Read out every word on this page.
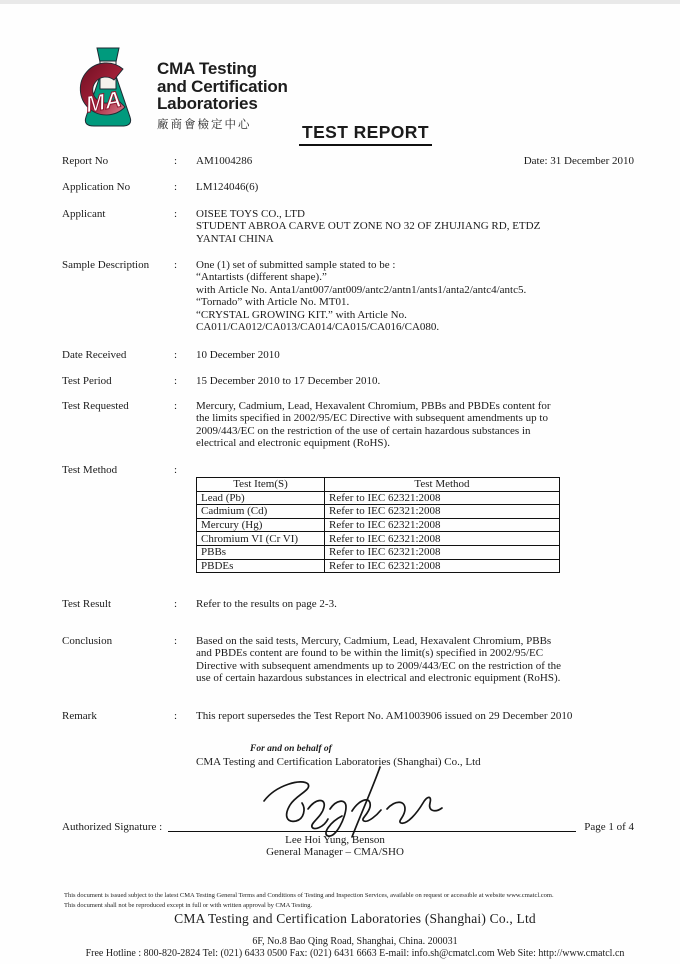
MA
CMA Testing
and Certification
Laboratories
廠商會檢定中心	TEST REPORT
Report No	:	AM1004286	Date: 31 December 2010
Application No	:	LM124046(6)
Applicant	:	OISEE TOYS CO., LTD
STUDENT ABROA CARVE OUT ZONE NO 32 OF ZHUJIANG RD, ETDZ
YANTAI CHINA
Sample Description	:	One (1) set of submitted sample stated to be :
“Antartists (different shape).”
with Article No. Anta1/ant007/ant009/antc2/antn1/ants1/anta2/antc4/antc5.
“Tornado” with Article No. MT01.
“CRYSTAL GROWING KIT.” with Article No.
CA011/CA012/CA013/CA014/CA015/CA016/CA080.
Date Received	:	10 December 2010
Test Period	:	15 December 2010 to 17 December 2010.
Test Requested	:	Mercury, Cadmium, Lead, Hexavalent Chromium, PBBs and PBDEs content for
the limits specified in 2002/95/EC Directive with subsequent amendments up to
2009/443/EC on the restriction of the use of certain hazardous substances in
electrical and electronic equipment (RoHS).
Test Method	:
Test Item(S)	Test Method
Lead (Pb)	Refer to IEC 62321:2008
Cadmium (Cd)	Refer to IEC 62321:2008
Mercury (Hg)	Refer to IEC 62321:2008
Chromium VI (Cr VI)	Refer to IEC 62321:2008
PBBs	Refer to IEC 62321:2008
PBDEs	Refer to IEC 62321:2008
Test Result	:	Refer to the results on page 2-3.
Conclusion	:	Based on the said tests, Mercury, Cadmium, Lead, Hexavalent Chromium, PBBs
and PBDEs content are found to be within the limit(s) specified in 2002/95/EC
Directive with subsequent amendments up to 2009/443/EC on the restriction of the
use of certain hazardous substances in electrical and electronic equipment (RoHS).
Remark	:	This report supersedes the Test Report No. AM1003906 issued on 29 December 2010
For and on behalf of
CMA Testing and Certification Laboratories (Shanghai) Co., Ltd
Authorized Signature :	Page 1 of 4
Lee Hoi Yung, Benson
General Manager – CMA/SHO
This document is issued subject to the latest CMA Testing General Terms and Conditions of Testing and Inspection Services, available on request or accessible at website www.cmatcl.com.
This document shall not be reproduced except in full or with written approval by CMA Testing.
CMA Testing and Certification Laboratories (Shanghai) Co., Ltd
6F, No.8 Bao Qing Road, Shanghai, China. 200031
Free Hotline : 800-820-2824 Tel: (021) 6433 0500 Fax: (021) 6431 6663 E-mail: info.sh@cmatcl.com Web Site: http://www.cmatcl.cn
